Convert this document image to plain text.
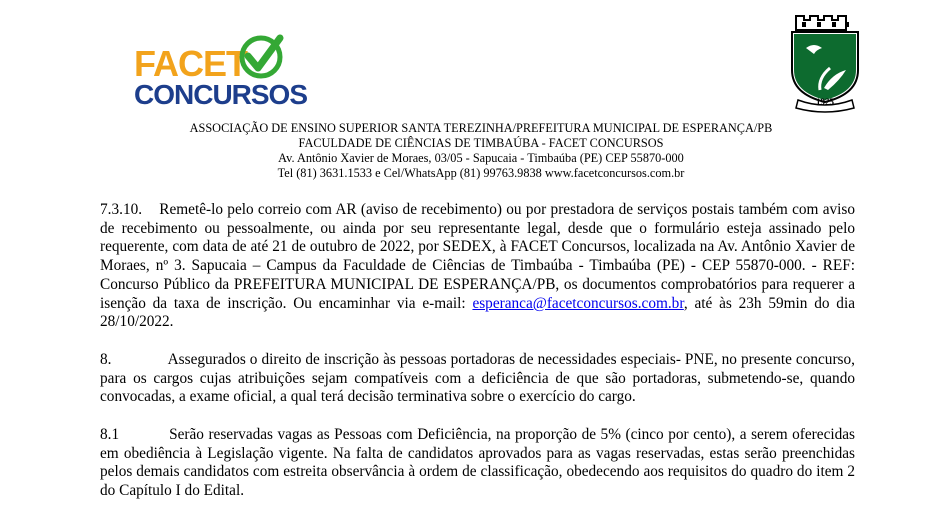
FACET
CONCURSOS	1925
ASSOCIAÇÃO DE ENSINO SUPERIOR SANTA TEREZINHA/PREFEITURA MUNICIPAL DE ESPERANÇA/PB
FACULDADE DE CIÊNCIAS DE TIMBAÚBA - FACET CONCURSOS
Av. Antônio Xavier de Moraes, 03/05 - Sapucaia - Timbaúba (PE) CEP 55870-000
Tel (81) 3631.1533 e Cel/WhatsApp (81) 99763.9838 www.facetconcursos.com.br

7.3.10. Remetê-lo pelo correio com AR (aviso de recebimento) ou por prestadora de serviços postais também com aviso de recebimento ou pessoalmente, ou ainda por seu representante legal, desde que o formulário esteja assinado pelo requerente, com data de até 21 de outubro de 2022, por SEDEX, à FACET Concursos, localizada na Av. Antônio Xavier de Moraes, nº 3. Sapucaia – Campus da Faculdade de Ciências de Timbaúba - Timbaúba (PE) - CEP 55870-000. - REF: Concurso Público da PREFEITURA MUNICIPAL DE ESPERANÇA/PB, os documentos comprobatórios para requerer a isenção da taxa de inscrição. Ou encaminhar via e-mail: esperanca@facetconcursos.com.br, até às 23h 59min do dia 28/10/2022.

8.	Assegurados o direito de inscrição às pessoas portadoras de necessidades especiais- PNE, no presente concurso, para os cargos cujas atribuições sejam compatíveis com a deficiência de que são portadoras, submetendo-se, quando convocadas, a exame oficial, a qual terá decisão terminativa sobre o exercício do cargo.

8.1	Serão reservadas vagas as Pessoas com Deficiência, na proporção de 5% (cinco por cento), a serem oferecidas em obediência à Legislação vigente. Na falta de candidatos aprovados para as vagas reservadas, estas serão preenchidas pelos demais candidatos com estreita observância à ordem de classificação, obedecendo aos requisitos do quadro do item 2 do Capítulo I do Edital.
